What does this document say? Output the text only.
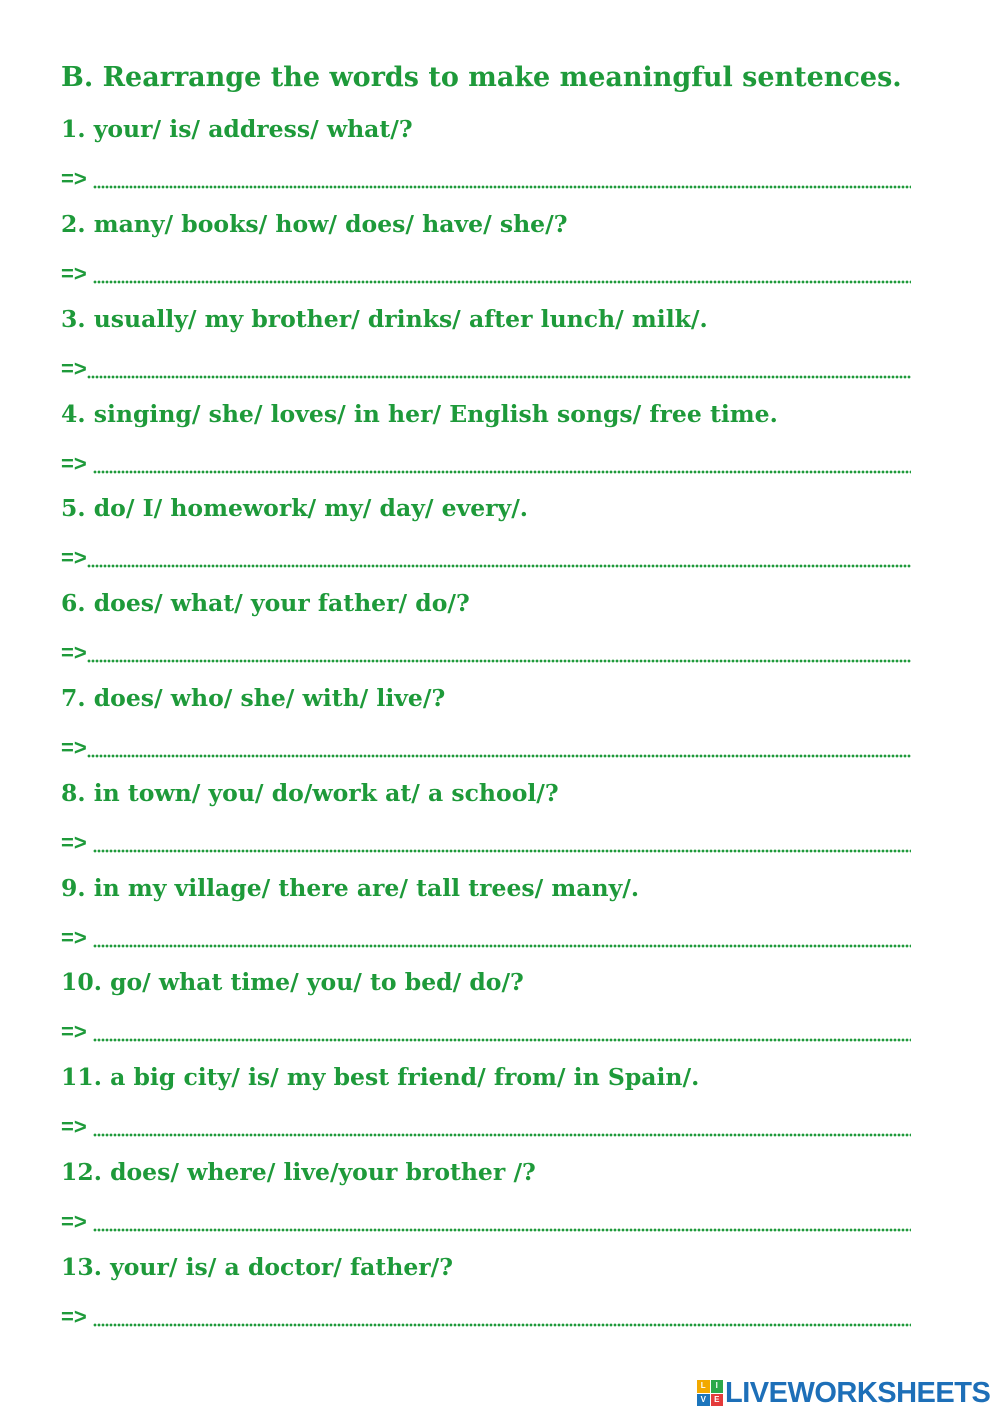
B. Rearrange the words to make meaningful sentences.
1. your/ is/ address/ what/?
=>
2. many/ books/ how/ does/ have/ she/?
=>
3. usually/ my brother/ drinks/ after lunch/ milk/.
=>
4. singing/ she/ loves/ in her/ English songs/ free time.
=>
5. do/ I/ homework/ my/ day/ every/.
=>
6. does/ what/ your father/ do/?
=>
7. does/ who/ she/ with/ live/?
=>
8. in town/ you/ do/work at/ a school/?
=>
9. in my village/ there are/ tall trees/ many/.
=>
10. go/ what time/ you/ to bed/ do/?
=>
11. a big city/ is/ my best friend/ from/ in Spain/.
=>
12. does/ where/ live/your brother /?
=>
13. your/ is/ a doctor/ father/?
=>
L	I
V	E LIVEWORKSHEETS
